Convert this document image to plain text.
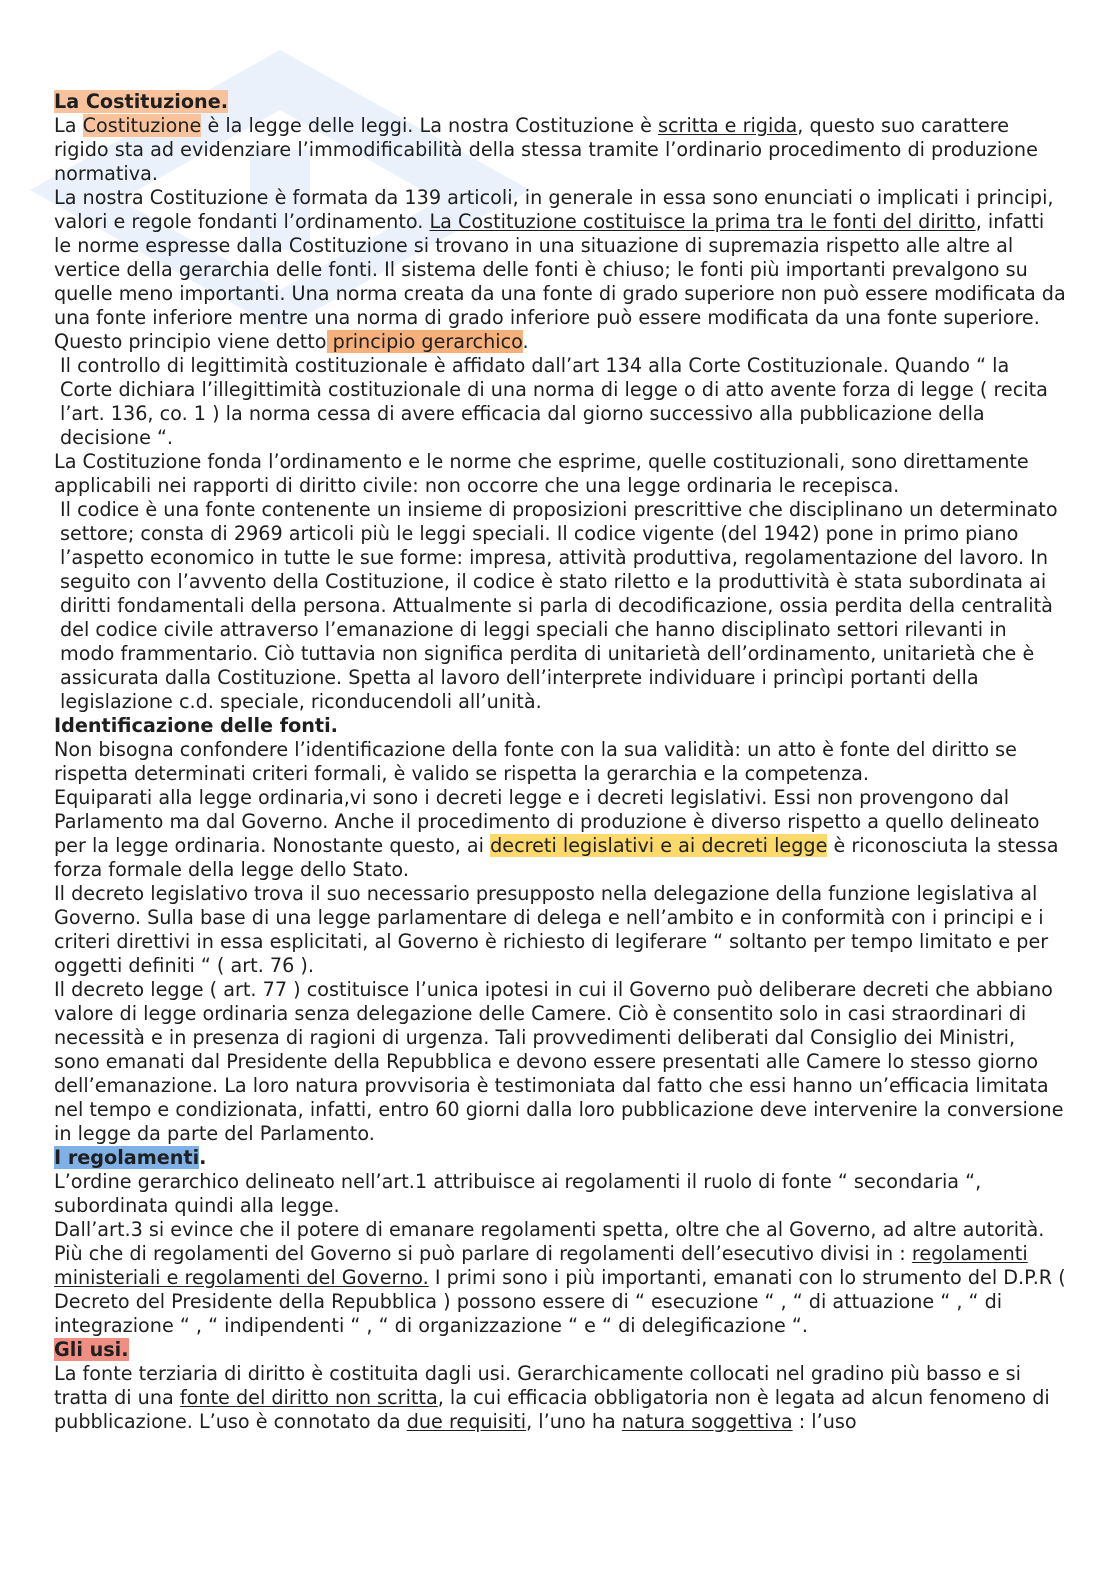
La Costituzione.

La Costituzione è la legge delle leggi. La nostra Costituzione è scritta e rigida, questo suo carattere rigido sta ad evidenziare l’immodificabilità della stessa tramite l’ordinario procedimento di produzione normativa.

La nostra Costituzione è formata da 139 articoli, in generale in essa sono enunciati o implicati i principi, valori e regole fondanti l’ordinamento. La Costituzione costituisce la prima tra le fonti del diritto, infatti le norme espresse dalla Costituzione si trovano in una situazione di supremazia rispetto alle altre al vertice della gerarchia delle fonti. Il sistema delle fonti è chiuso; le fonti più importanti prevalgono su quelle meno importanti. Una norma creata da una fonte di grado superiore non può essere modificata da una fonte inferiore mentre una norma di grado inferiore può essere modificata da una fonte superiore. Questo principio viene detto principio gerarchico.

Il controllo di legittimità costituzionale è affidato dall’art 134 alla Corte Costituzionale. Quando “ la Corte dichiara l’illegittimità costituzionale di una norma di legge o di atto avente forza di legge ( recita l’art. 136, co. 1 ) la norma cessa di avere efficacia dal giorno successivo alla pubblicazione della decisione “.

La Costituzione fonda l’ordinamento e le norme che esprime, quelle costituzionali, sono direttamente applicabili nei rapporti di diritto civile: non occorre che una legge ordinaria le recepisca.

Il codice è una fonte contenente un insieme di proposizioni prescrittive che disciplinano un determinato settore; consta di 2969 articoli più le leggi speciali. Il codice vigente (del 1942) pone in primo piano l’aspetto economico in tutte le sue forme: impresa, attività produttiva, regolamentazione del lavoro. In seguito con l’avvento della Costituzione, il codice è stato riletto e la produttività è stata subordinata ai diritti fondamentali della persona. Attualmente si parla di decodificazione, ossia perdita della centralità del codice civile attraverso l’emanazione di leggi speciali che hanno disciplinato settori rilevanti in modo frammentario. Ciò tuttavia non significa perdita di unitarietà dell’ordinamento, unitarietà che è assicurata dalla Costituzione. Spetta al lavoro dell’interprete individuare i princìpi portanti della legislazione c.d. speciale, riconducendoli all’unità.

Identificazione delle fonti.

Non bisogna confondere l’identificazione della fonte con la sua validità: un atto è fonte del diritto se rispetta determinati criteri formali, è valido se rispetta la gerarchia e la competenza.

Equiparati alla legge ordinaria,vi sono i decreti legge e i decreti legislativi. Essi non provengono dal Parlamento ma dal Governo. Anche il procedimento di produzione è diverso rispetto a quello delineato per la legge ordinaria. Nonostante questo, ai decreti legislativi e ai decreti legge è riconosciuta la stessa forza formale della legge dello Stato.

Il decreto legislativo trova il suo necessario presupposto nella delegazione della funzione legislativa al Governo. Sulla base di una legge parlamentare di delega e nell’ambito e in conformità con i principi e i criteri direttivi in essa esplicitati, al Governo è richiesto di legiferare “ soltanto per tempo limitato e per oggetti definiti “ ( art. 76 ).

Il decreto legge ( art. 77 ) costituisce l’unica ipotesi in cui il Governo può deliberare decreti che abbiano valore di legge ordinaria senza delegazione delle Camere. Ciò è consentito solo in casi straordinari di necessità e in presenza di ragioni di urgenza. Tali provvedimenti deliberati dal Consiglio dei Ministri, sono emanati dal Presidente della Repubblica e devono essere presentati alle Camere lo stesso giorno dell’emanazione. La loro natura provvisoria è testimoniata dal fatto che essi hanno un’efficacia limitata nel tempo e condizionata, infatti, entro 60 giorni dalla loro pubblicazione deve intervenire la conversione in legge da parte del Parlamento.

I regolamenti.

L’ordine gerarchico delineato nell’art.1 attribuisce ai regolamenti il ruolo di fonte “ secondaria “, subordinata quindi alla legge.

Dall’art.3 si evince che il potere di emanare regolamenti spetta, oltre che al Governo, ad altre autorità. Più che di regolamenti del Governo si può parlare di regolamenti dell’esecutivo divisi in : regolamenti ministeriali e regolamenti del Governo. I primi sono i più importanti, emanati con lo strumento del D.P.R ( Decreto del Presidente della Repubblica ) possono essere di “ esecuzione “ , “ di attuazione “ , “ di integrazione “ , “ indipendenti “ , “ di organizzazione “ e “ di delegificazione “.

Gli usi.

La fonte terziaria di diritto è costituita dagli usi. Gerarchicamente collocati nel gradino più basso e si tratta di una fonte del diritto non scritta, la cui efficacia obbligatoria non è legata ad alcun fenomeno di pubblicazione. L’uso è connotato da due requisiti, l’uno ha natura soggettiva : l’uso
